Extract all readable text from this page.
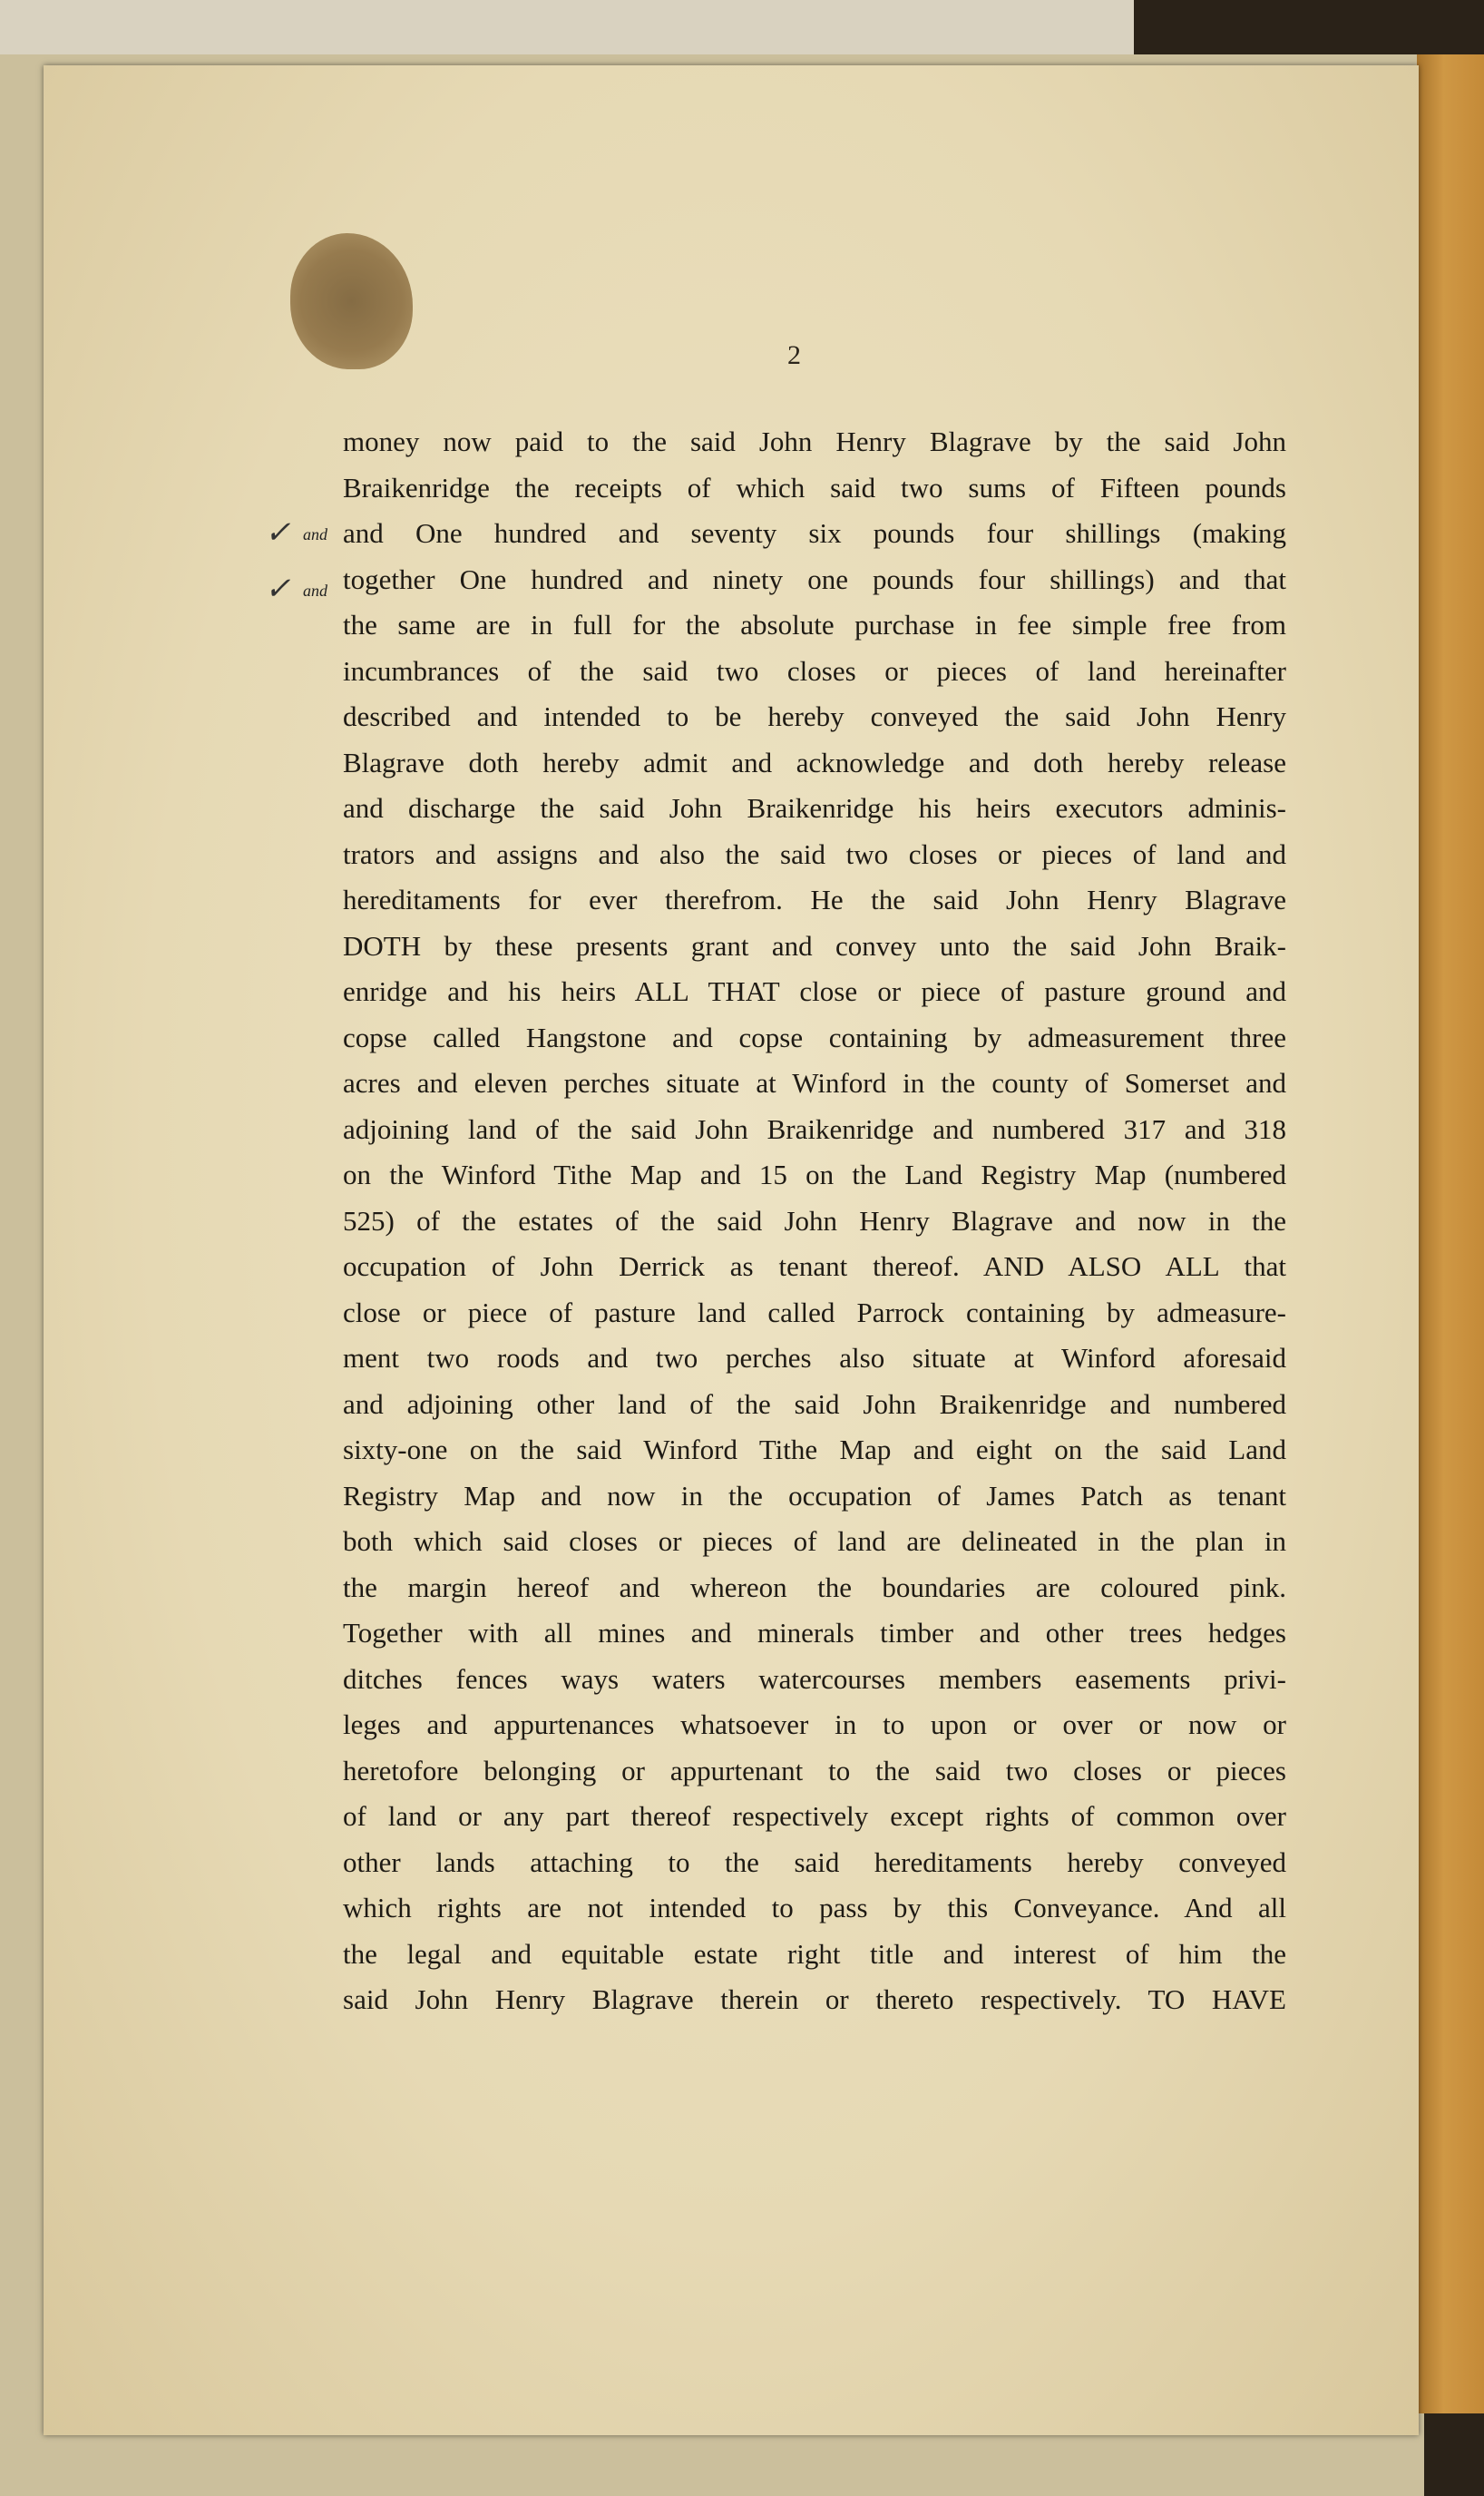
2
✓
✓
and
and
money now paid to the said John Henry Blagrave by the said John
Braikenridge the receipts of which said two sums of Fifteen pounds
and One hundred and seventy six pounds four shillings (making
together One hundred and ninety one pounds four shillings) and that
the same are in full for the absolute purchase in fee simple free from
incumbrances of the said two closes or pieces of land hereinafter
described and intended to be hereby conveyed the said John Henry
Blagrave doth hereby admit and acknowledge and doth hereby release
and discharge the said John Braikenridge his heirs executors adminis-
trators and assigns and also the said two closes or pieces of land and
hereditaments for ever therefrom. He the said John Henry Blagrave
DOTH by these presents grant and convey unto the said John Braik-
enridge and his heirs ALL THAT close or piece of pasture ground and
copse called Hangstone and copse containing by admeasurement three
acres and eleven perches situate at Winford in the county of Somerset and
adjoining land of the said John Braikenridge and numbered 317 and 318
on the Winford Tithe Map and 15 on the Land Registry Map (numbered
525) of the estates of the said John Henry Blagrave and now in the
occupation of John Derrick as tenant thereof. AND ALSO ALL that
close or piece of pasture land called Parrock containing by admeasure-
ment two roods and two perches also situate at Winford aforesaid
and adjoining other land of the said John Braikenridge and numbered
sixty-one on the said Winford Tithe Map and eight on the said Land
Registry Map and now in the occupation of James Patch as tenant
both which said closes or pieces of land are delineated in the plan in
the margin hereof and whereon the boundaries are coloured pink.
Together with all mines and minerals timber and other trees hedges
ditches fences ways waters watercourses members easements privi-
leges and appurtenances whatsoever in to upon or over or now or
heretofore belonging or appurtenant to the said two closes or pieces
of land or any part thereof respectively except rights of common over
other lands attaching to the said hereditaments hereby conveyed
which rights are not intended to pass by this Conveyance. And all
the legal and equitable estate right title and interest of him the
said John Henry Blagrave therein or thereto respectively. TO HAVE
